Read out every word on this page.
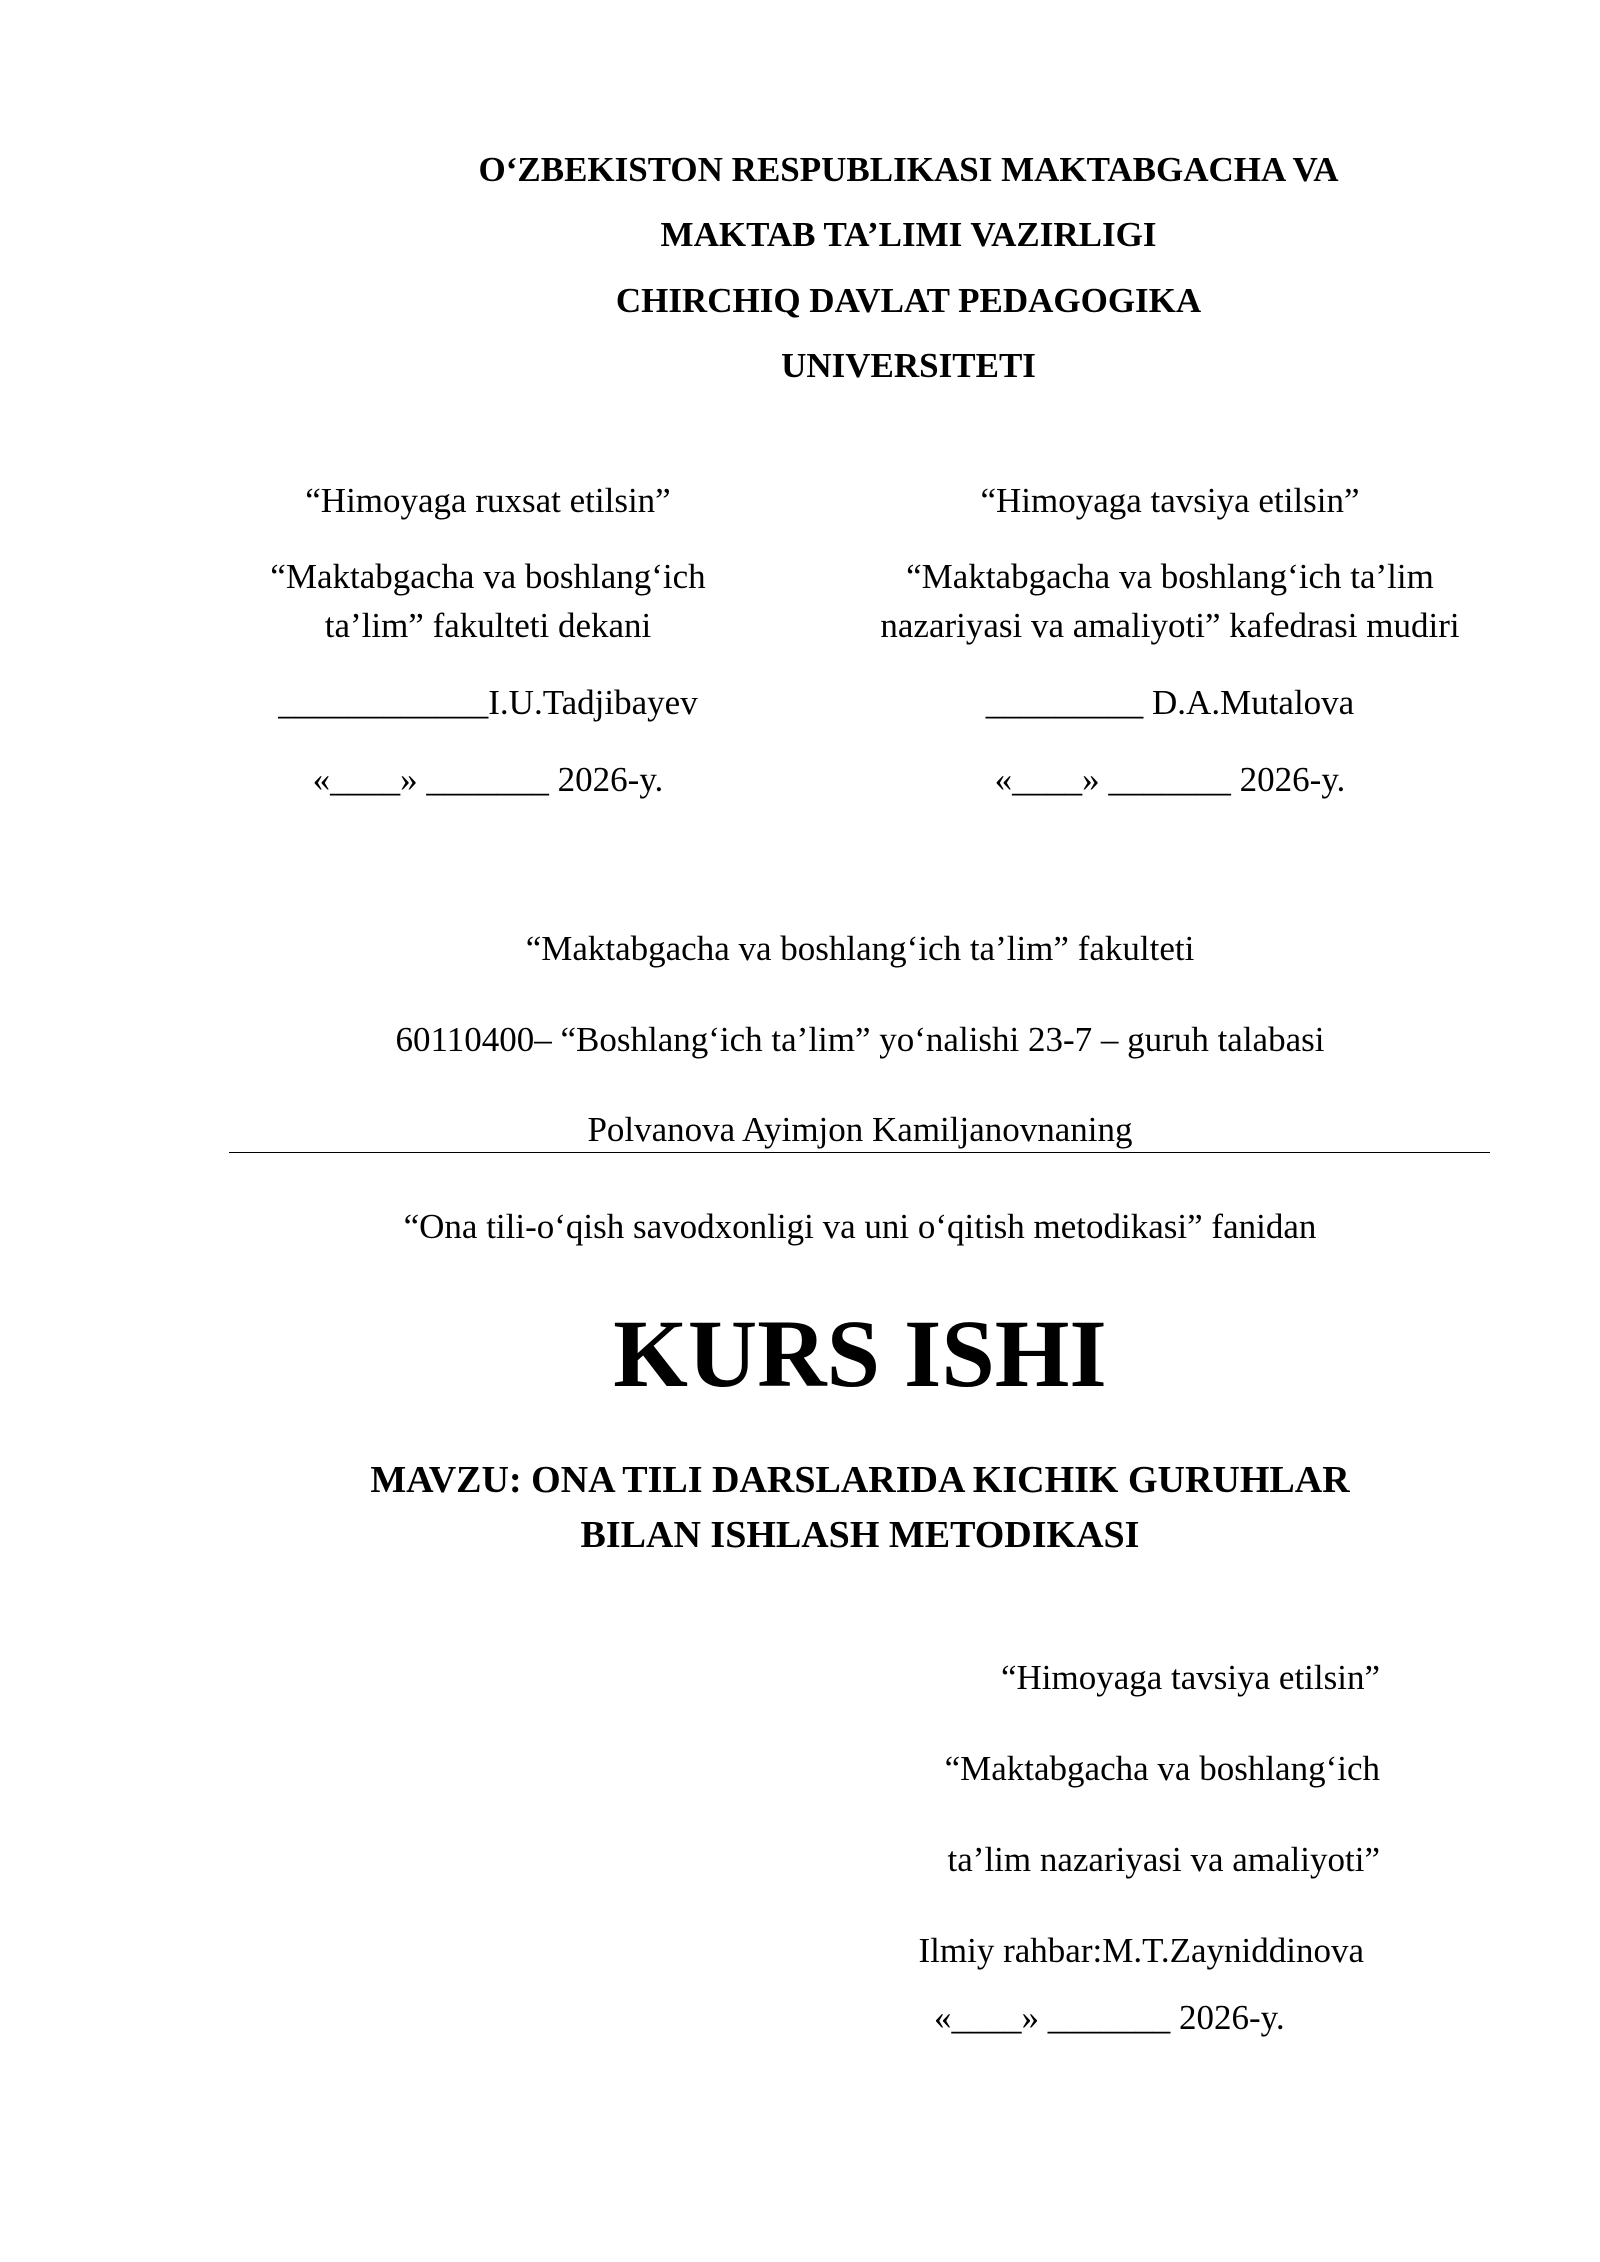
O‘ZBEKISTON RESPUBLIKASI MAKTABGACHA VA
MAKTAB TA’LIMI VAZIRLIGI
CHIRCHIQ DAVLAT PEDAGOGIKA
UNIVERSITETI
“Himoyaga ruxsat etilsin”
“Maktabgacha va boshlang‘ich
ta’lim” fakulteti dekani
____________I.U.Tadjibayev
«____» _______ 2026-y.
“Himoyaga tavsiya etilsin”
“Maktabgacha va boshlang‘ich ta’lim
nazariyasi va amaliyoti” kafedrasi mudiri
_________ D.A.Mutalova
«____» _______ 2026-y.
“Maktabgacha va boshlang‘ich ta’lim” fakulteti
60110400– “Boshlang‘ich ta’lim” yo‘nalishi 23-7 – guruh talabasi
Polvanova Ayimjon Kamiljanovnaning
“Ona tili-o‘qish savodxonligi va uni o‘qitish metodikasi” fanidan
KURS ISHI
MAVZU: ONA TILI DARSLARIDA KICHIK GURUHLAR
BILAN ISHLASH METODIKASI
“Himoyaga tavsiya etilsin”
“Maktabgacha va boshlang‘ich
ta’lim nazariyasi va amaliyoti”
Ilmiy rahbar:M.T.Zayniddinova
«____» _______ 2026-y.
